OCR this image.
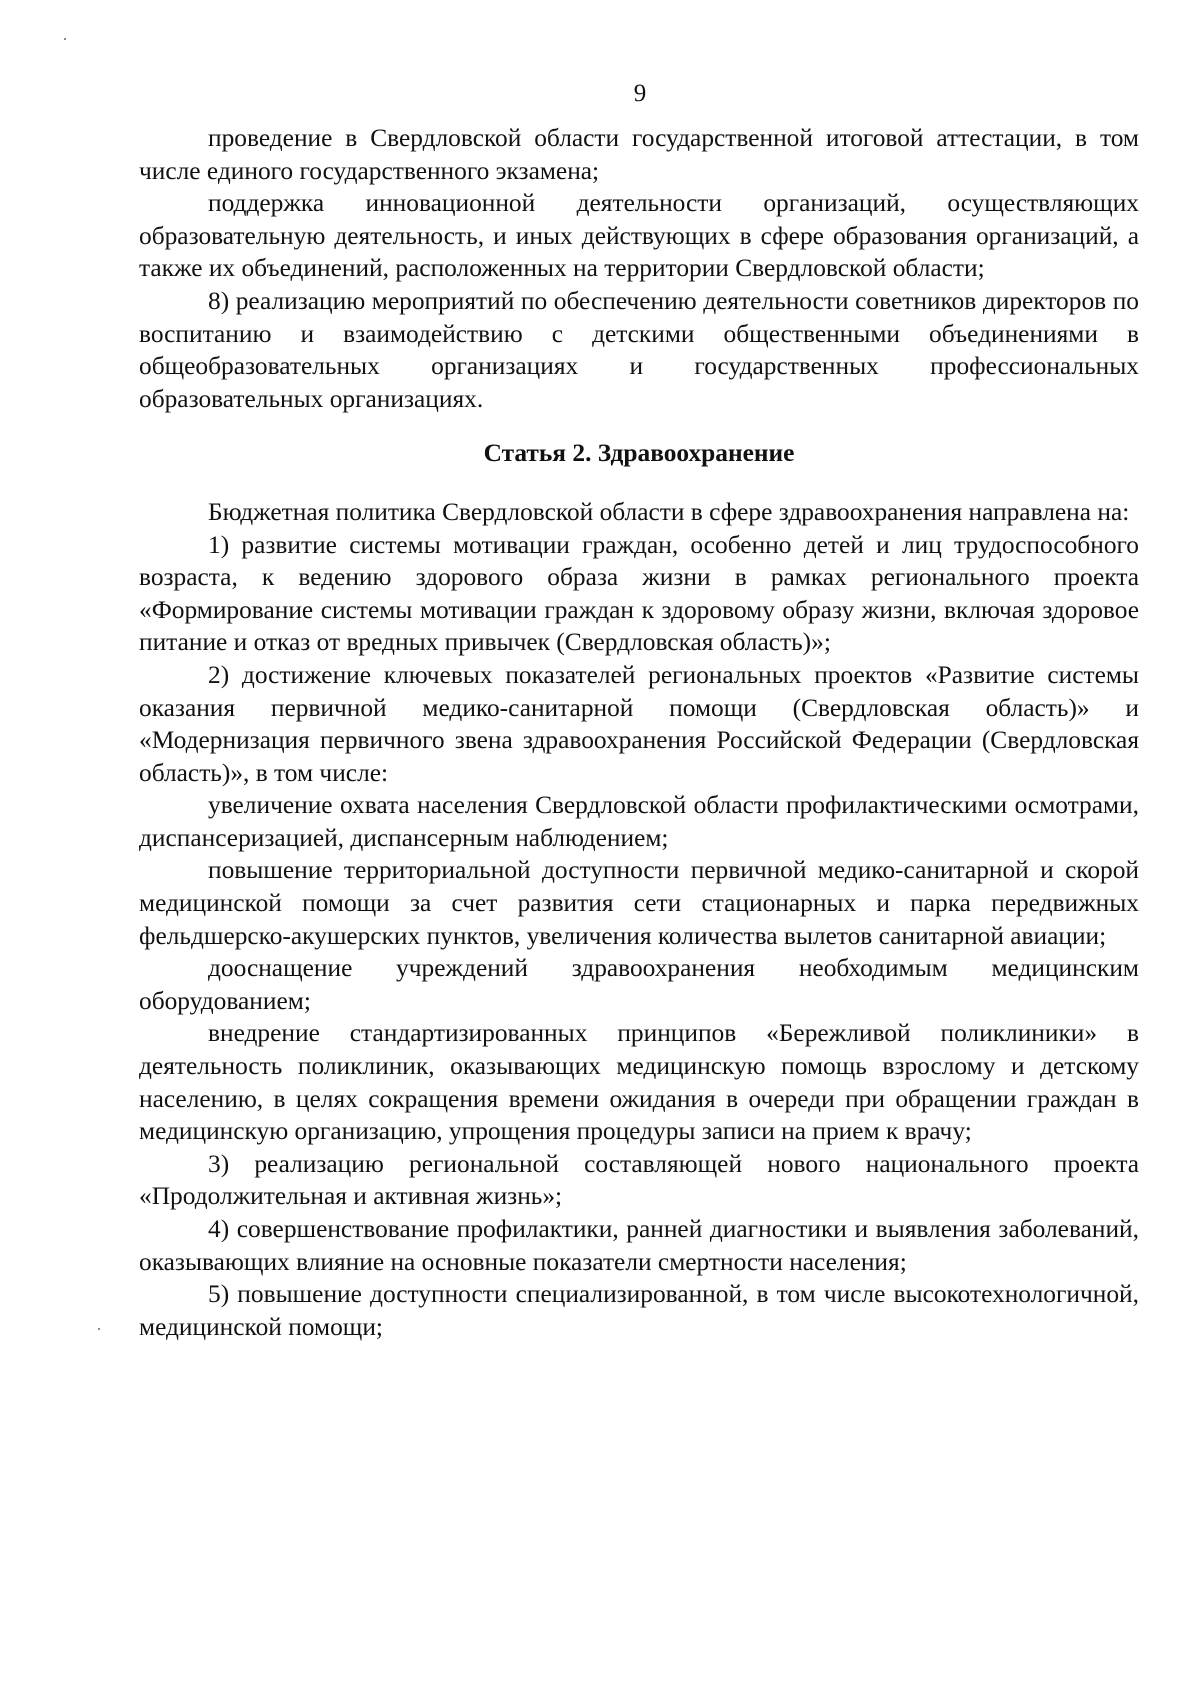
9

проведение в Свердловской области государственной итоговой аттестации, в том числе единого государственного экзамена;

поддержка инновационной деятельности организаций, осуществляющих образовательную деятельность, и иных действующих в сфере образования организаций, а также их объединений, расположенных на территории Свердловской области;

8) реализацию мероприятий по обеспечению деятельности советников директоров по воспитанию и взаимодействию с детскими общественными объединениями в общеобразовательных организациях и государственных профессиональных образовательных организациях.

Статья 2. Здравоохранение

Бюджетная политика Свердловской области в сфере здравоохранения направлена на:

1) развитие системы мотивации граждан, особенно детей и лиц трудоспособного возраста, к ведению здорового образа жизни в рамках регионального проекта «Формирование системы мотивации граждан к здоровому образу жизни, включая здоровое питание и отказ от вредных привычек (Свердловская область)»;

2) достижение ключевых показателей региональных проектов «Развитие системы оказания первичной медико-санитарной помощи (Свердловская область)» и «Модернизация первичного звена здравоохранения Российской Федерации (Свердловская область)», в том числе:

увеличение охвата населения Свердловской области профилактическими осмотрами, диспансеризацией, диспансерным наблюдением;

повышение территориальной доступности первичной медико-санитарной и скорой медицинской помощи за счет развития сети стационарных и парка передвижных фельдшерско-акушерских пунктов, увеличения количества вылетов санитарной авиации;

дооснащение учреждений здравоохранения необходимым медицинским оборудованием;

внедрение стандартизированных принципов «Бережливой поликлиники» в деятельность поликлиник, оказывающих медицинскую помощь взрослому и детскому населению, в целях сокращения времени ожидания в очереди при обращении граждан в медицинскую организацию, упрощения процедуры записи на прием к врачу;

3) реализацию региональной составляющей нового национального проекта «Продолжительная и активная жизнь»;

4) совершенствование профилактики, ранней диагностики и выявления заболеваний, оказывающих влияние на основные показатели смертности населения;

5) повышение доступности специализированной, в том числе высокотехнологичной, медицинской помощи;
